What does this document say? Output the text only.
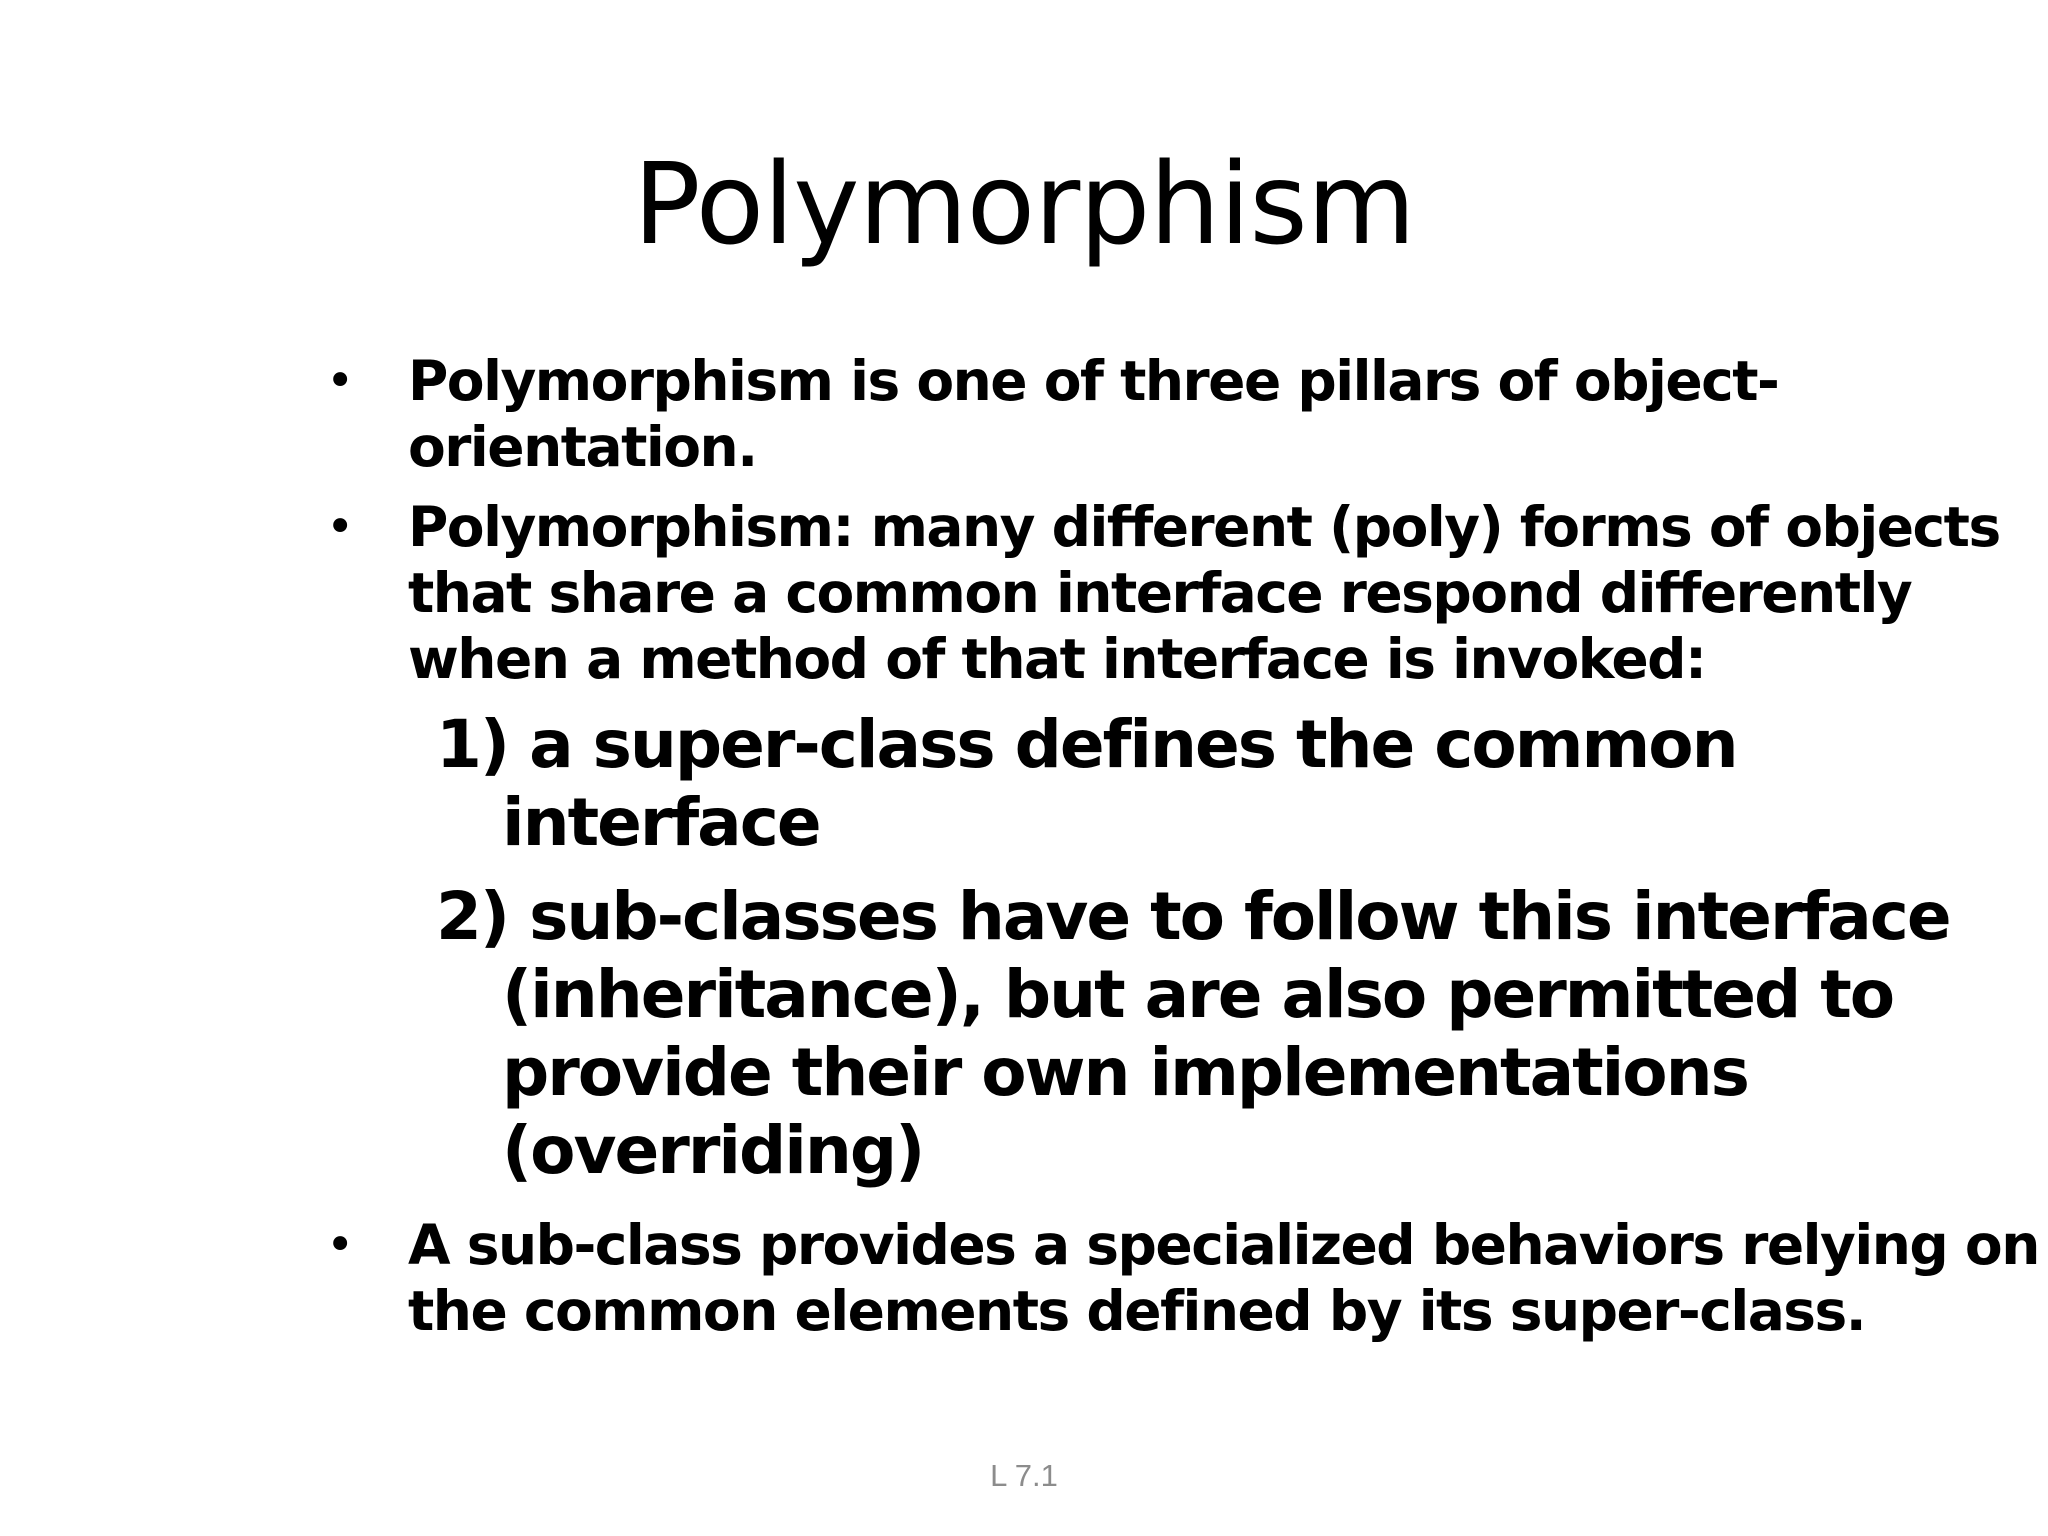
Polymorphism
• Polymorphism is one of three pillars of object-orientation.
• Polymorphism: many different (poly) forms of objects that share a common interface respond differently when a method of that interface is invoked:
1) a super-class defines the common interface
2) sub-classes have to follow this interface (inheritance), but are also permitted to provide their own implementations (overriding)
• A sub-class provides a specialized behaviors relying on the common elements defined by its super-class.
L 7.1
